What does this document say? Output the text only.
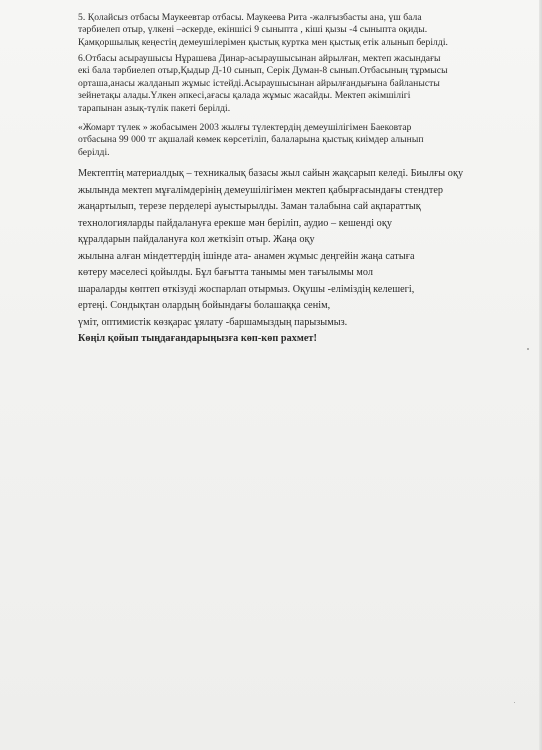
5. Қолайсыз отбасы Маукеевтар отбасы. Маукеева Рита -жалғызбасты ана, үш бала
тәрбиелеп отыр, үлкені –әскерде, екіншісі 9 сыныпта , кіші қызы -4 сыныпта оқиды.
Қамқоршылық кеңестің демеушілерімен қыстық куртка мен қыстық етік алынып берілді.
6.Отбасы асыраушысы Нұрашева Динар-асыраушысынан айрылған, мектеп жасындағы
екі бала тәрбиелеп отыр,Қыдыр Д-10 сынып, Серік Думан-8 сынып.Отбасының тұрмысы
орташа,анасы жалданып жұмыс істейді.Асыраушысынан айрылғандығына байланысты
зейнетақы алады.Үлкен әпкесі,ағасы қалада жұмыс жасайды. Мектеп әкімшілігі
тарапынан азық-түлік пакеті берілді.
«Жомарт түлек » жобасымен 2003 жылғы түлектердің демеушілігімен Баековтар
отбасына 99 000 тг ақшалай көмек көрсетіліп, балаларына қыстық киімдер алынып
берілді.
Мектептің материалдық – техникалық базасы жыл сайын жақсарып келеді. Биылғы оқу
жылында мектеп мұғалімдерінің демеушілігімен мектеп қабырғасындағы стендтер
жаңартылып, терезе перделері ауыстырылды. Заман талабына сай ақпараттық
технологияларды пайдалануға ерекше мән беріліп, аудио – кешенді оқу
құралдарын пайдалануға кол жеткізіп отыр. Жаңа оқу
жылына алған міндеттердің ішінде ата- анамен жұмыс деңгейін жаңа сатыға
көтеру мәселесі қойылды. Бұл бағытта танымы мен тағылымы мол
шараларды көптеп өткізуді жоспарлап отырмыз. Оқушы -еліміздің келешегі,
ертеңі. Сондықтан олардың бойындағы болашаққа сенім,
үміт, оптимистік көзқарас ұялату -баршамыздың парызымыз.
Көңіл қойып тыңдағандарыңызға көп-көп рахмет!
